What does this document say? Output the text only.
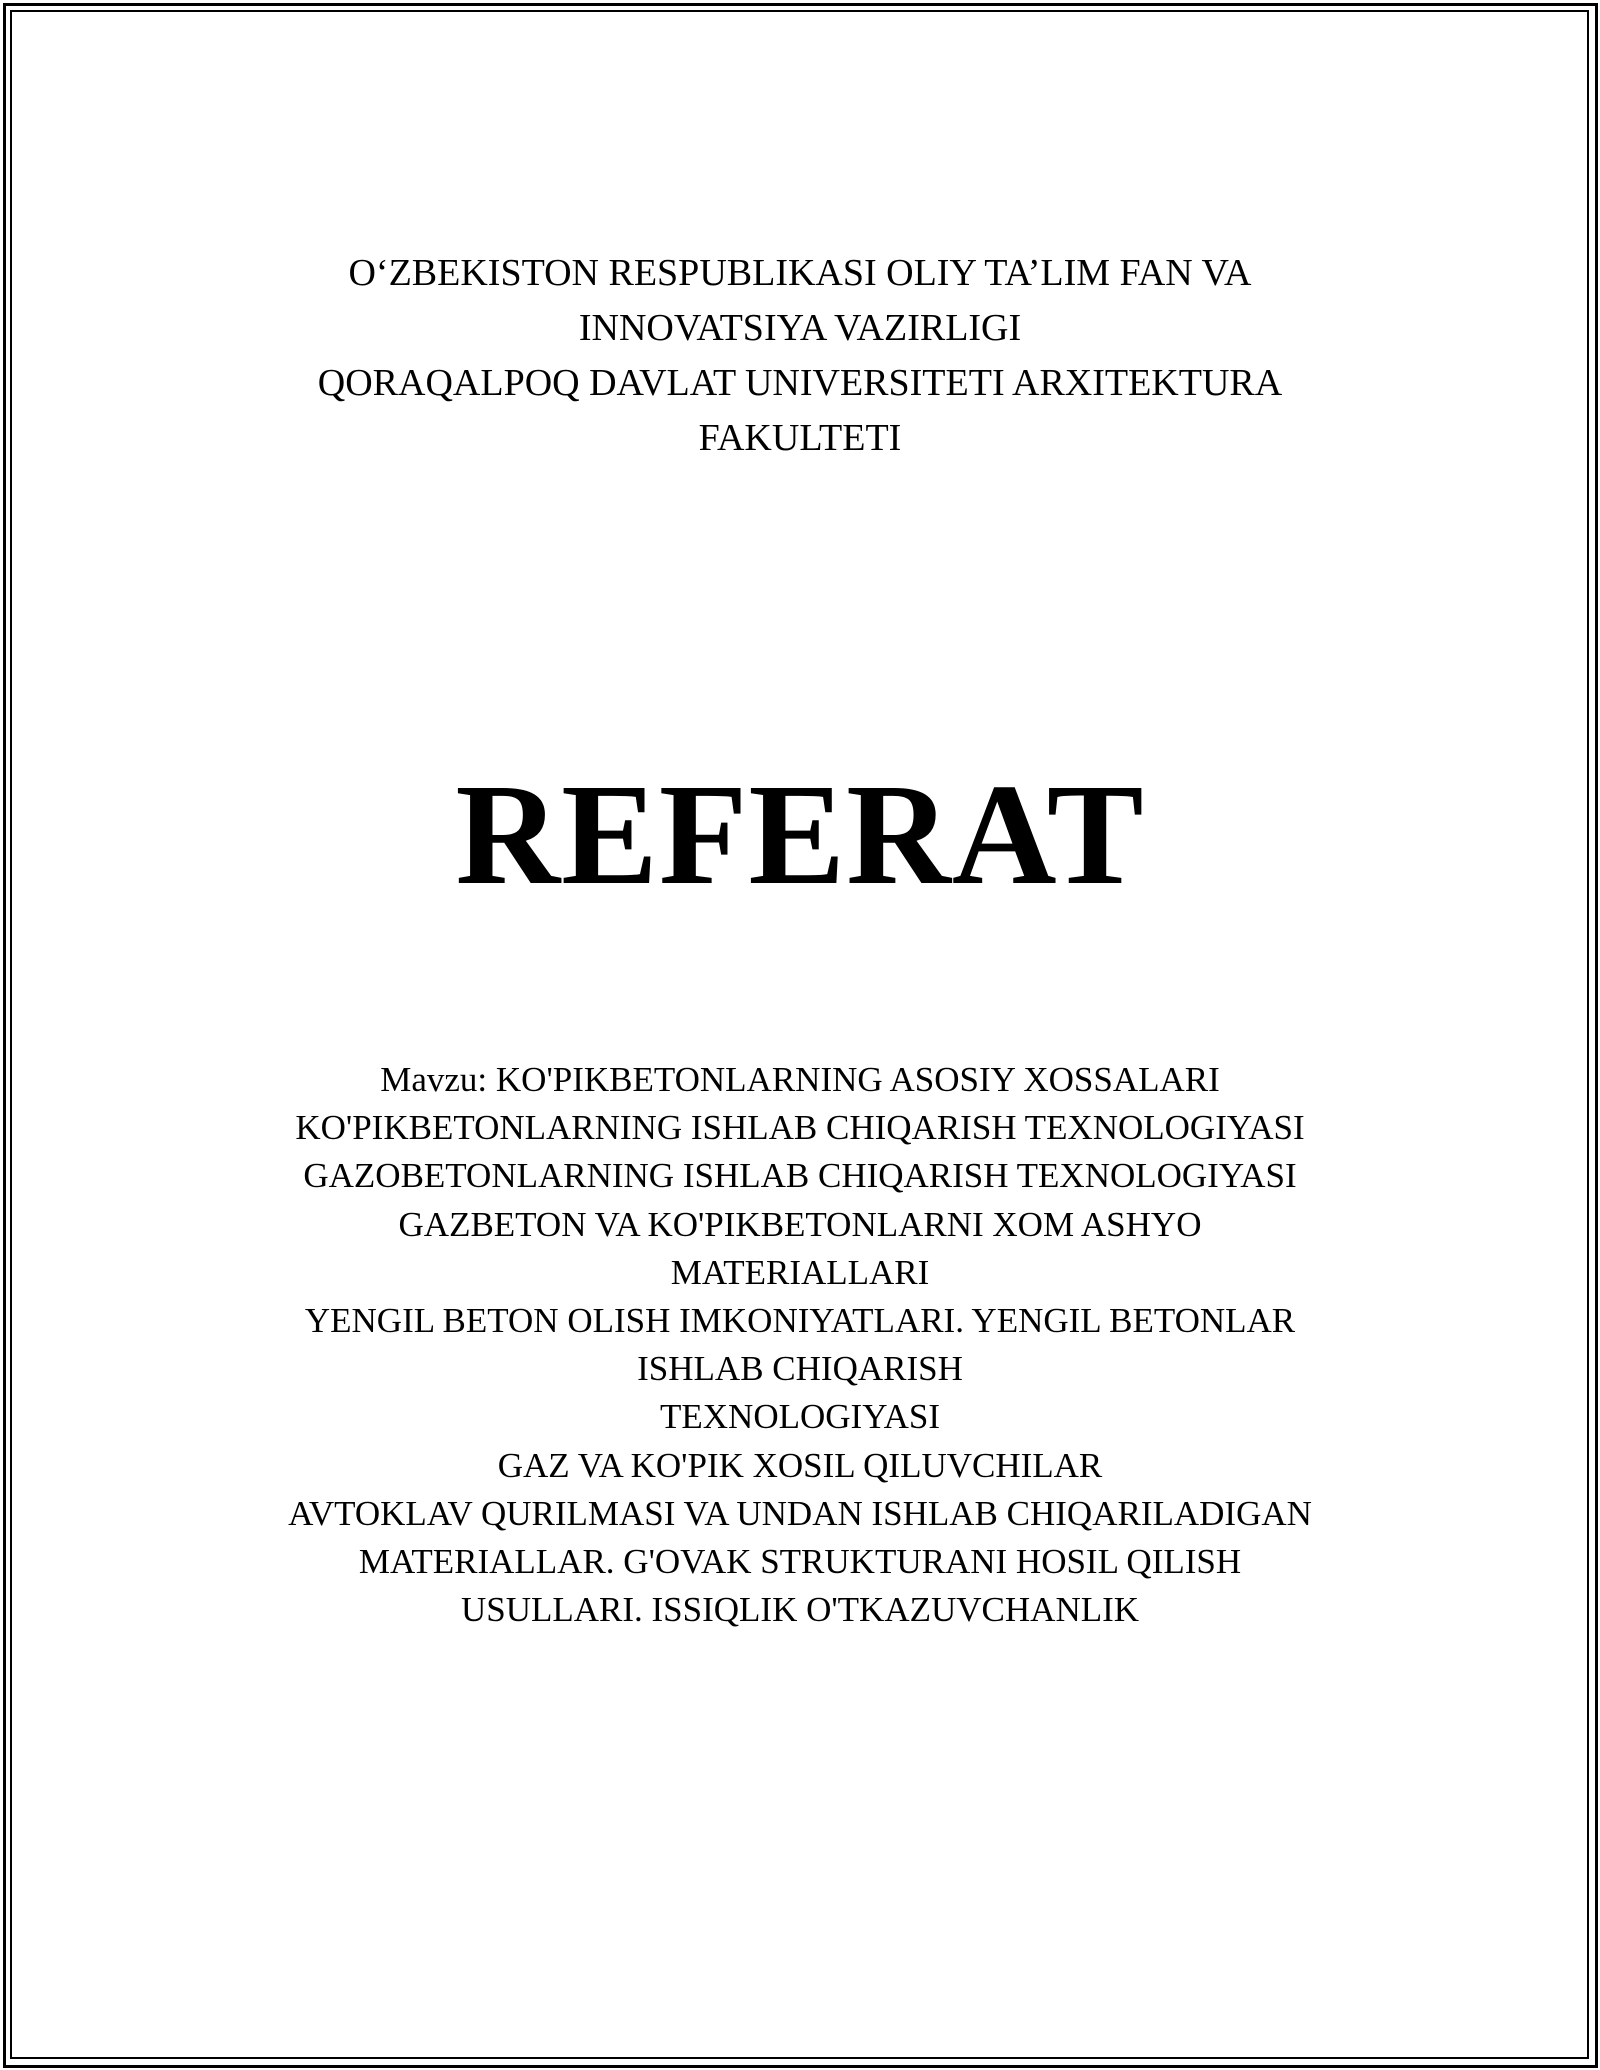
O‘ZBEKISTON RESPUBLIKASI OLIY TA’LIM FAN VA
INNOVATSIYA VAZIRLIGI
QORAQALPOQ DAVLAT UNIVERSITETI ARXITEKTURA
FAKULTETI
REFERAT
Mavzu: KO'PIKBETONLARNING ASOSIY XOSSALARI
KO'PIKBETONLARNING ISHLAB CHIQARISH TEXNOLOGIYASI
GAZOBETONLARNING ISHLAB CHIQARISH TEXNOLOGIYASI
GAZBETON VA KO'PIKBETONLARNI XOM ASHYO
MATERIALLARI
YENGIL BETON OLISH IMKONIYATLARI. YENGIL BETONLAR
ISHLAB CHIQARISH
TEXNOLOGIYASI
GAZ VA KO'PIK XOSIL QILUVCHILAR
AVTOKLAV QURILMASI VA UNDAN ISHLAB CHIQARILADIGAN
MATERIALLAR. G'OVAK STRUKTURANI HOSIL QILISH
USULLARI. ISSIQLIK O'TKAZUVCHANLIK
